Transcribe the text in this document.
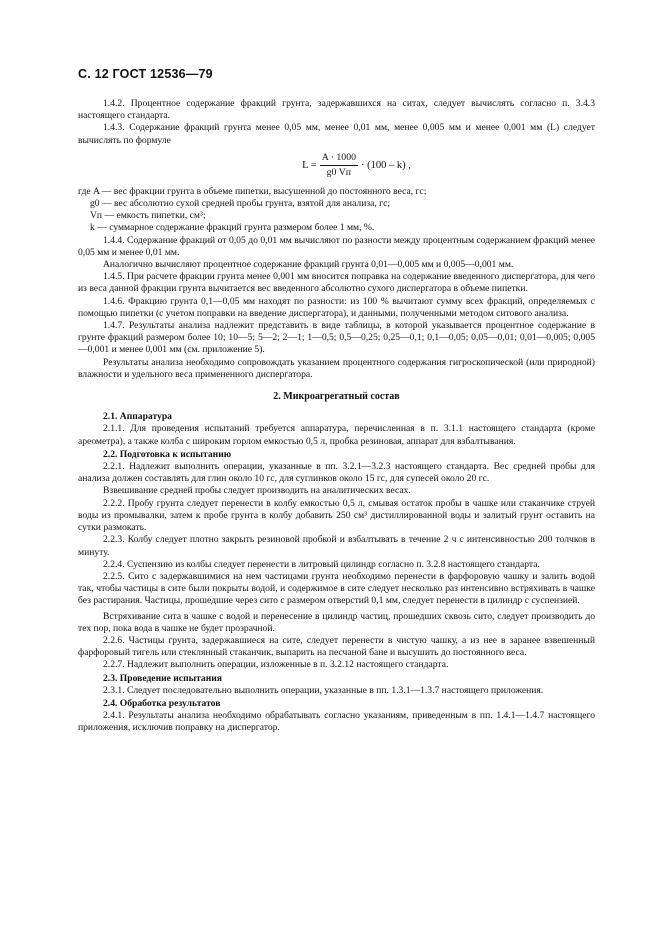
С. 12 ГОСТ 12536—79

1.4.2. Процентное содержание фракций грунта, задержавшихся на ситах, следует вычислять согласно п. 3.4.3 настоящего стандарта.

1.4.3. Содержание фракций грунта менее 0,05 мм, менее 0,01 мм, менее 0,005 мм и менее 0,001 мм (L) следует вычислять по формуле

$L = \frac{A \cdot 1000}{g0 Vп} \cdot (100 - k)$ ,

где A — вес фракции грунта в объеме пипетки, высушенной до постоянного веса, гс;

g0 — вес абсолютно сухой средней пробы грунта, взятой для анализа, гс;

Vп — емкость пипетки, см³;

k — суммарное содержание фракций грунта размером более 1 мм, %.

1.4.4. Содержание фракций от 0,05 до 0,01 мм вычисляют по разности между процентным содержанием фракций менее 0,05 мм и менее 0,01 мм.

Аналогично вычисляют процентное содержание фракций грунта 0,01—0,005 мм и 0,005—0,001 мм.

1.4.5. При расчете фракции грунта менее 0,001 мм вносится поправка на содержание введенного диспергатора, для чего из веса данной фракции грунта вычитается вес введенного абсолютно сухого диспергатора в объеме пипетки.

1.4.6. Фракцию грунта 0,1—0,05 мм находят по разности: из 100 % вычитают сумму всех фракций, определяемых с помощью пипетки (с учетом поправки на введение диспергатора), и данными, полученными методом ситового анализа.

1.4.7. Результаты анализа надлежит представить в виде таблицы, в которой указывается процентное содержание в грунте фракций размером более 10; 10—5; 5—2; 2—1; 1—0,5; 0,5—0,25; 0,25—0,1; 0,1—0,05; 0,05—0,01; 0,01—0,005; 0,005—0,001 и менее 0,001 мм (см. приложение 5).

Результаты анализа необходимо сопровождать указанием процентного содержания гигроскопической (или природной) влажности и удельного веса примененного диспергатора.

2. Микроагрегатный состав
2.1. Аппаратура

2.1.1. Для проведения испытаний требуется аппаратура, перечисленная в п. 3.1.1 настоящего стандарта (кроме ареометра), а также колба с широким горлом емкостью 0,5 л, пробка резиновая, аппарат для взбалтывания.

2.2. Подготовка к испытанию

2.2.1. Надлежит выполнить операции, указанные в пп. 3.2.1—3.2.3 настоящего стандарта. Вес средней пробы для анализа должен составлять для глин около 10 гс, для суглинков около 15 гс, для супесей около 20 гс.

Взвешивание средней пробы следует производить на аналитических весах.

2.2.2. Пробу грунта следует перенести в колбу емкостью 0,5 л, смывая остаток пробы в чашке или стаканчике струей воды из промывалки, затем к пробе грунта в колбу добавить 250 см³ дистиллированной воды и залитый грунт оставить на сутки размокать.

2.2.3. Колбу следует плотно закрыть резиновой пробкой и взбалтывать в течение 2 ч с интенсивностью 200 толчков в минуту.

2.2.4. Суспензию из колбы следует перенести в литровый цилиндр согласно п. 3.2.8 настоящего стандарта.

2.2.5. Сито с задержавшимися на нем частицами грунта необходимо перенести в фарфоровую чашку и залить водой так, чтобы частицы в сите были покрыты водой, и содержимое в сите следует несколько раз интенсивно встряхивать в чашке без растирания. Частицы, прошедшие через сито с размером отверстий 0,1 мм, следует перенести в цилиндр с суспензией.

Встряхивание сита в чашке с водой и перенесение в цилиндр частиц, прошедших сквозь сито, следует производить до тех пор, пока вода в чашке не будет прозрачной.

2.2.6. Частицы грунта, задержавшиеся на сите, следует перенести в чистую чашку, а из нее в заранее взвешенный фарфоровый тигель или стеклянный стаканчик, выпарить на песчаной бане и высушить до постоянного веса.

2.2.7. Надлежит выполнить операции, изложенные в п. 3.2.12 настоящего стандарта.

2.3. Проведение испытания

2.3.1. Следует последовательно выполнить операции, указанные в пп. 1.3.1—1.3.7 настоящего приложения.

2.4. Обработка результатов

2.4.1. Результаты анализа необходимо обрабатывать согласно указаниям, приведенным в пп. 1.4.1—1.4.7 настоящего приложения, исключив поправку на диспергатор.
